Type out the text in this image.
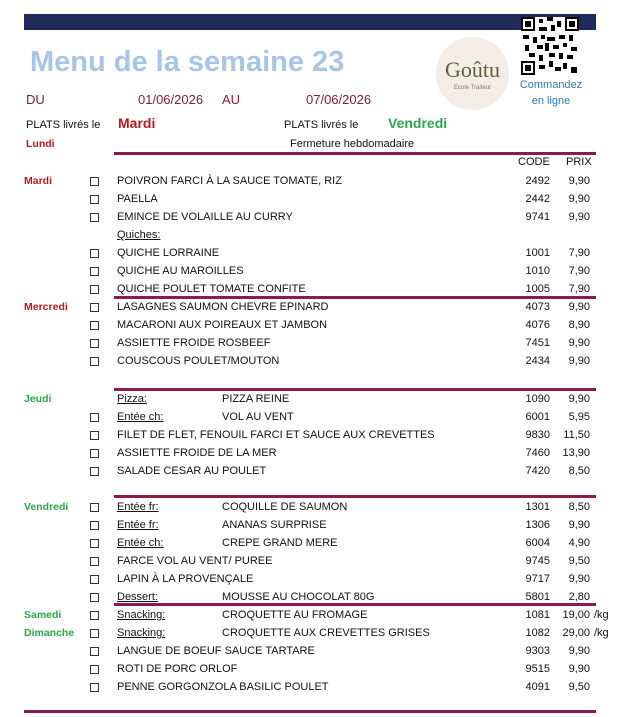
Menu de la semaine 23	Goûtu
Ecole Traiteur	Commandez
en ligne
DU	01/06/2026 AU	07/06/2026
PLATS livrés le Mardi
Lundi
PLATS livrés le Vendredi
Fermeture hebdomadaire
CODE PRIX
Mardi	POIVRON FARCI À LA SAUCE TOMATE, RIZ	2492	9,90
PAELLA	2442	9,90
EMINCE DE VOLAILLE AU CURRY	9741	9,90
Quiches:
QUICHE LORRAINE	1001	7,90
QUICHE AU MAROILLES	1010	7,90
QUICHE POULET TOMATE CONFITE	1005	7,90
Mercredi	LASAGNES SAUMON CHEVRE EPINARD	4073	9,90
MACARONI AUX POIREAUX ET JAMBON	4076	8,90
ASSIETTE FROIDE ROSBEEF	7451	9,90
COUSCOUS POULET/MOUTON	2434	9,90
Jeudi	Pizza:	PIZZA REINE	1090	9,90
Entée ch:	VOL AU VENT	6001	5,95
FILET DE FLET, FENOUIL FARCI ET SAUCE AUX CREVETTES	9830	11,50
ASSIETTE FROIDE DE LA MER	7460	13,90
SALADE CESAR AU POULET	7420	8,50
Vendredi	Entée fr:	COQUILLE DE SAUMON	1301	8,50
Entée fr:	ANANAS SURPRISE	1306	9,90
Entée ch:	CREPE GRAND MERE	6004	4,90
FARCE VOL AU VENT/ PUREE	9745	9,50
LAPIN À LA PROVENÇALE	9717	9,90
Dessert:	MOUSSE AU CHOCOLAT 80G	5801	2,80
Samedi	Snacking:	CROQUETTE AU FROMAGE	1081	19,00 /kg
Dimanche	Snacking:	CROQUETTE AUX CREVETTES GRISES	1082	29,00 /kg
LANGUE DE BOEUF SAUCE TARTARE	9303	9,90
ROTI DE PORC ORLOF	9515	9,90
PENNE GORGONZOLA BASILIC POULET	4091	9,50
